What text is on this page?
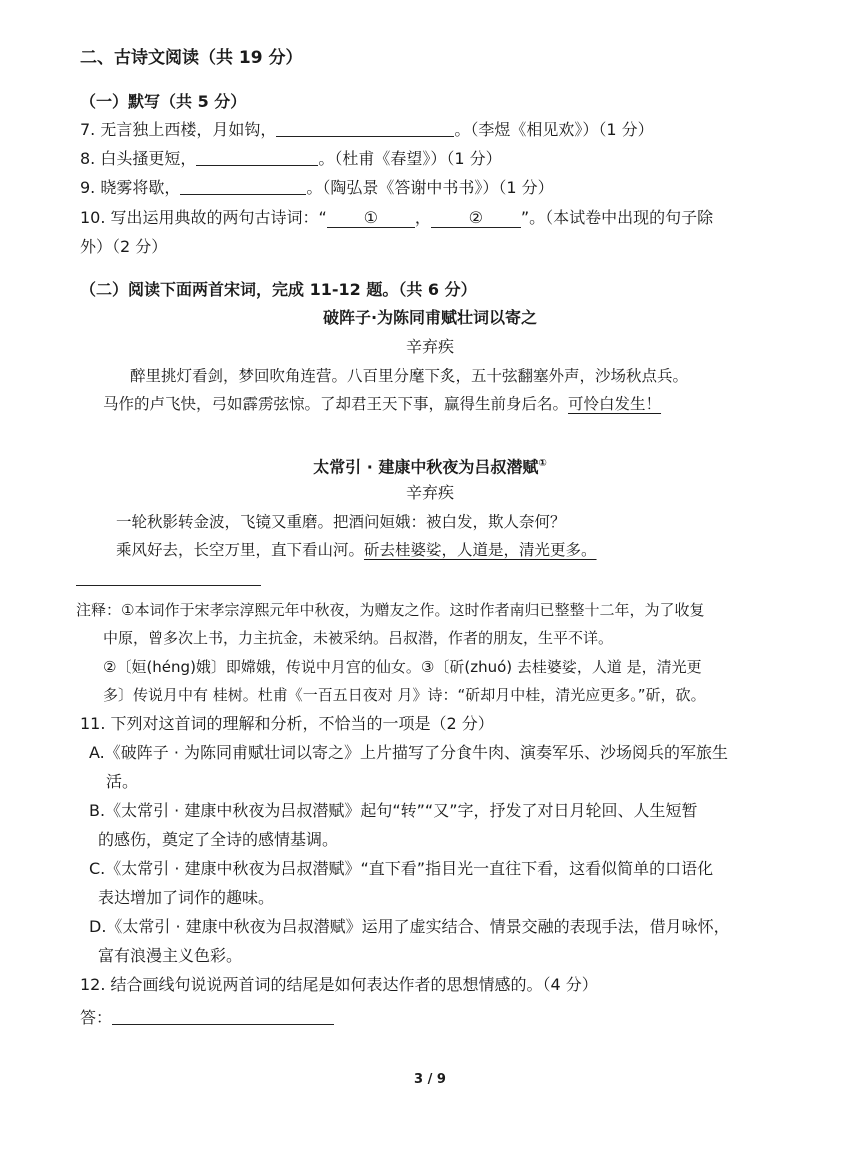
二、古诗文阅读（共 19 分）
（一）默写（共 5 分）
7. 无言独上西楼，月如钩，	。（李煜《相见欢》）（1 分）
8. 白头搔更短，	。（杜甫《春望》）（1 分）
9. 晓雾将歇，	。（陶弘景《答谢中书书》）（1 分）
10. 写出运用典故的两句古诗词：“ ① ， ② ”。（本试卷中出现的句子除
外）（2 分）
（二）阅读下面两首宋词，完成 11-12 题。（共 6 分）
破阵子·为陈同甫赋壮词以寄之
辛弃疾
醉里挑灯看剑，梦回吹角连营。八百里分麾下炙，五十弦翻塞外声，沙场秋点兵。
马作的卢飞快，弓如霹雳弦惊。了却君王天下事，赢得生前身后名。可怜白发生！
太常引 · 建康中秋夜为吕叔潜赋①
辛弃疾
一轮秋影转金波，飞镜又重磨。把酒问姮娥：被白发，欺人奈何？
乘风好去，长空万里，直下看山河。斫去桂婆娑，人道是，清光更多。
注释：①本词作于宋孝宗淳熙元年中秋夜，为赠友之作。这时作者南归已整整十二年，为了收复
中原，曾多次上书，力主抗金，未被采纳。吕叔潜，作者的朋友，生平不详。
②〔姮(héng)娥〕即嫦娥，传说中月宫的仙女。③〔斫(zhuó) 去桂婆娑，人道 是，清光更
多〕传说月中有 桂树。杜甫《一百五日夜对 月》诗：“斫却月中桂，清光应更多。”斫，砍。
11. 下列对这首词的理解和分析，不恰当的一项是（2 分）
A.《破阵子 · 为陈同甫赋壮词以寄之》上片描写了分食牛肉、演奏军乐、沙场阅兵的军旅生
活。
B.《太常引 · 建康中秋夜为吕叔潜赋》起句“转”“又”字，抒发了对日月轮回、人生短暂
的感伤，奠定了全诗的感情基调。
C.《太常引 · 建康中秋夜为吕叔潜赋》“直下看”指目光一直往下看，这看似简单的口语化
表达增加了词作的趣味。
D.《太常引 · 建康中秋夜为吕叔潜赋》运用了虚实结合、情景交融的表现手法，借月咏怀，
富有浪漫主义色彩。
12. 结合画线句说说两首词的结尾是如何表达作者的思想情感的。（4 分）
答：
3 / 9
